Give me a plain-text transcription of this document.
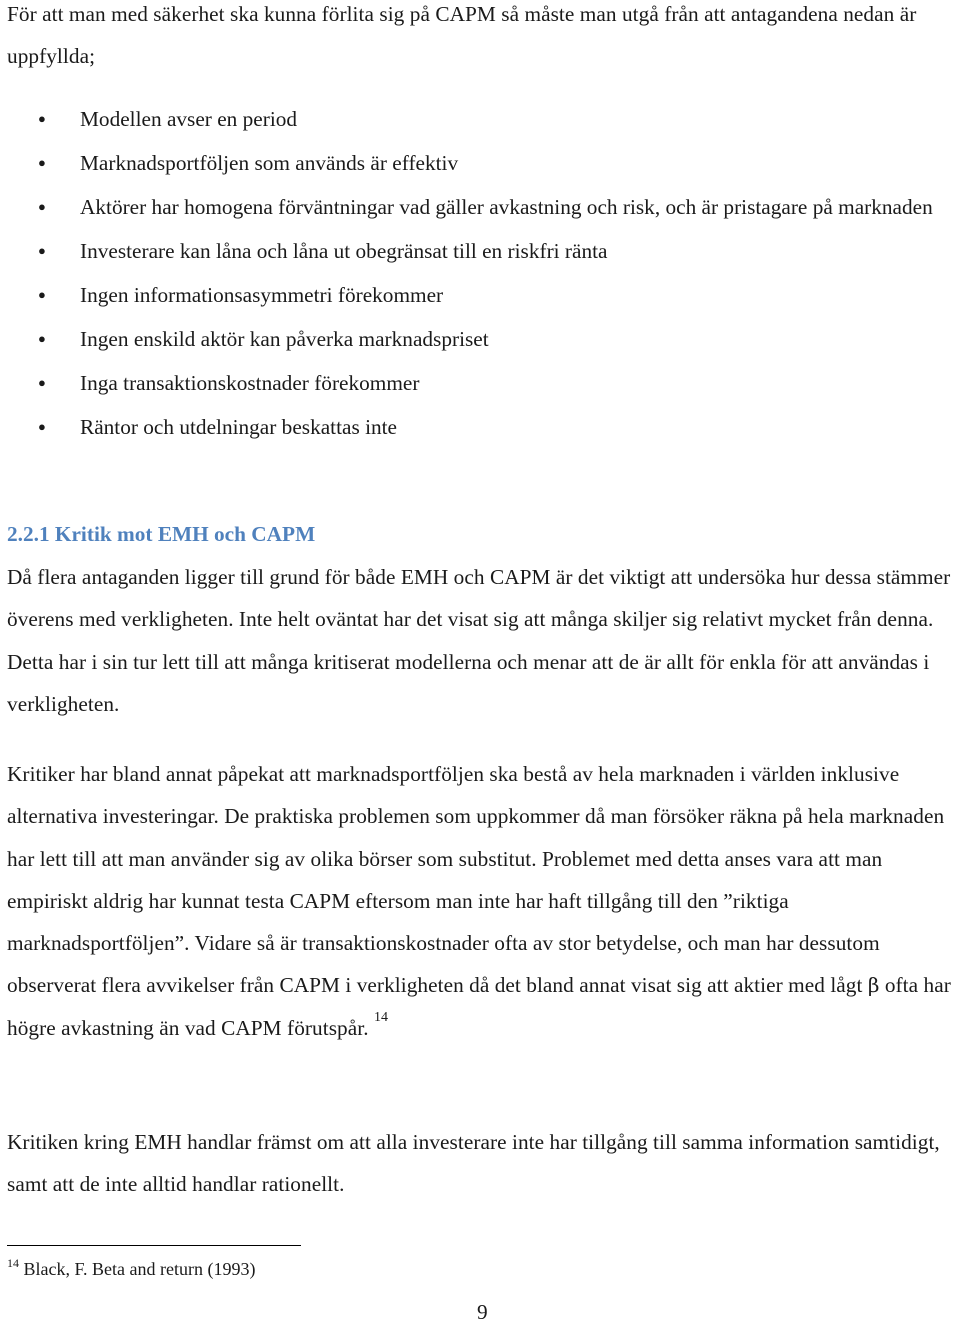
För att man med säkerhet ska kunna förlita sig på CAPM så måste man utgå från att antagandena nedan är uppfyllda;

● Modellen avser en period
● Marknadsportföljen som används är effektiv
● Aktörer har homogena förväntningar vad gäller avkastning och risk, och är pristagare på marknaden
● Investerare kan låna och låna ut obegränsat till en riskfri ränta
● Ingen informationsasymmetri förekommer
● Ingen enskild aktör kan påverka marknadspriset
● Inga transaktionskostnader förekommer
● Räntor och utdelningar beskattas inte
2.2.1 Kritik mot EMH och CAPM

Då flera antaganden ligger till grund för både EMH och CAPM är det viktigt att undersöka hur dessa stämmer överens med verkligheten. Inte helt oväntat har det visat sig att många skiljer sig relativt mycket från denna. Detta har i sin tur lett till att många kritiserat modellerna och menar att de är allt för enkla för att användas i verkligheten.

Kritiker har bland annat påpekat att marknadsportföljen ska bestå av hela marknaden i världen inklusive alternativa investeringar. De praktiska problemen som uppkommer då man försöker räkna på hela marknaden har lett till att man använder sig av olika börser som substitut. Problemet med detta anses vara att man empiriskt aldrig har kunnat testa CAPM eftersom man inte har haft tillgång till den ”riktiga marknadsportföljen”. Vidare så är transaktionskostnader ofta av stor betydelse, och man har dessutom observerat flera avvikelser från CAPM i verkligheten då det bland annat visat sig att aktier med lågt β ofta har högre avkastning än vad CAPM förutspår. $^{14}$

Kritiken kring EMH handlar främst om att alla investerare inte har tillgång till samma information samtidigt, samt att de inte alltid handlar rationellt.

$^{14}$ Black, F. Beta and return (1993)
9
